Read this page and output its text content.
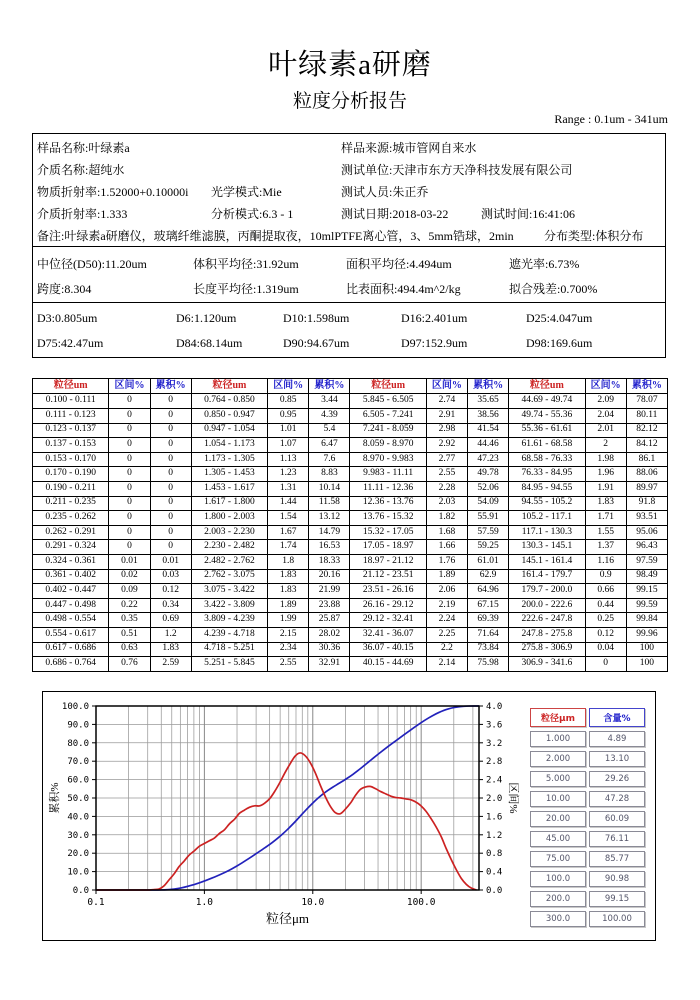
叶绿素a研磨
粒度分析报告
Range : 0.1um - 341um
样品名称:叶绿素a	样品来源:城市管网自来水
介质名称:超纯水	测试单位:天津市东方天净科技发展有限公司
物质折射率:1.52000+0.10000i 光学模式:Mie	测试人员:朱正乔
介质折射率:1.333	分析模式:6.3 - 1	测试日期:2018-03-22	测试时间:16:41:06
备注:叶绿素a研磨仪，玻璃纤维滤膜，丙酮提取夜，10mlPTFE离心管，3、5mm锆球，2min	分布类型:体积分布
中位径(D50):11.20um	体积平均径:31.92um	面积平均径:4.494um	遮光率:6.73%
跨度:8.304	长度平均径:1.319um	比表面积:494.4m^2/kg	拟合残差:0.700%
D3:0.805um	D6:1.120um	D10:1.598um	D16:2.401um	D25:4.047um
D75:42.47um	D84:68.14um	D90:94.67um	D97:152.9um	D98:169.6um
粒径um	区间%	累积%	粒径um	区间%	累积%	粒径um	区间%	累积%	粒径um	区间%	累积%
0.100 - 0.111	0	0	0.764 - 0.850	0.85	3.44	5.845 - 6.505	2.74	35.65	44.69 - 49.74	2.09	78.07
0.111 - 0.123	0	0	0.850 - 0.947	0.95	4.39	6.505 - 7.241	2.91	38.56	49.74 - 55.36	2.04	80.11
0.123 - 0.137	0	0	0.947 - 1.054	1.01	5.4	7.241 - 8.059	2.98	41.54	55.36 - 61.61	2.01	82.12
0.137 - 0.153	0	0	1.054 - 1.173	1.07	6.47	8.059 - 8.970	2.92	44.46	61.61 - 68.58	2	84.12
0.153 - 0.170	0	0	1.173 - 1.305	1.13	7.6	8.970 - 9.983	2.77	47.23	68.58 - 76.33	1.98	86.1
0.170 - 0.190	0	0	1.305 - 1.453	1.23	8.83	9.983 - 11.11	2.55	49.78	76.33 - 84.95	1.96	88.06
0.190 - 0.211	0	0	1.453 - 1.617	1.31	10.14	11.11 - 12.36	2.28	52.06	84.95 - 94.55	1.91	89.97
0.211 - 0.235	0	0	1.617 - 1.800	1.44	11.58	12.36 - 13.76	2.03	54.09	94.55 - 105.2	1.83	91.8
0.235 - 0.262	0	0	1.800 - 2.003	1.54	13.12	13.76 - 15.32	1.82	55.91	105.2 - 117.1	1.71	93.51
0.262 - 0.291	0	0	2.003 - 2.230	1.67	14.79	15.32 - 17.05	1.68	57.59	117.1 - 130.3	1.55	95.06
0.291 - 0.324	0	0	2.230 - 2.482	1.74	16.53	17.05 - 18.97	1.66	59.25	130.3 - 145.1	1.37	96.43
0.324 - 0.361	0.01	0.01	2.482 - 2.762	1.8	18.33	18.97 - 21.12	1.76	61.01	145.1 - 161.4	1.16	97.59
0.361 - 0.402	0.02	0.03	2.762 - 3.075	1.83	20.16	21.12 - 23.51	1.89	62.9	161.4 - 179.7	0.9	98.49
0.402 - 0.447	0.09	0.12	3.075 - 3.422	1.83	21.99	23.51 - 26.16	2.06	64.96	179.7 - 200.0	0.66	99.15
0.447 - 0.498	0.22	0.34	3.422 - 3.809	1.89	23.88	26.16 - 29.12	2.19	67.15	200.0 - 222.6	0.44	99.59
0.498 - 0.554	0.35	0.69	3.809 - 4.239	1.99	25.87	29.12 - 32.41	2.24	69.39	222.6 - 247.8	0.25	99.84
0.554 - 0.617	0.51	1.2	4.239 - 4.718	2.15	28.02	32.41 - 36.07	2.25	71.64	247.8 - 275.8	0.12	99.96
0.617 - 0.686	0.63	1.83	4.718 - 5.251	2.34	30.36	36.07 - 40.15	2.2	73.84	275.8 - 306.9	0.04	100
0.686 - 0.764	0.76	2.59	5.251 - 5.845	2.55	32.91	40.15 - 44.69	2.14	75.98	306.9 - 341.6	0	100
0.0
10.0
20.0
30.0
40.0
50.0
60.0
70.0
80.0
90.0
100.0
0.0
0.4
0.8
1.2
1.6
2.0
2.4
2.8
3.2
3.6
4.0
0.1	1.0	10.0	100.0
粒径μm
累积%	区间%
粒径μm	含量%
1.000	4.89
2.000	13.10
5.000	29.26
10.00	47.28
20.00	60.09
45.00	76.11
75.00	85.77
100.0	90.98
200.0	99.15
300.0	100.00
